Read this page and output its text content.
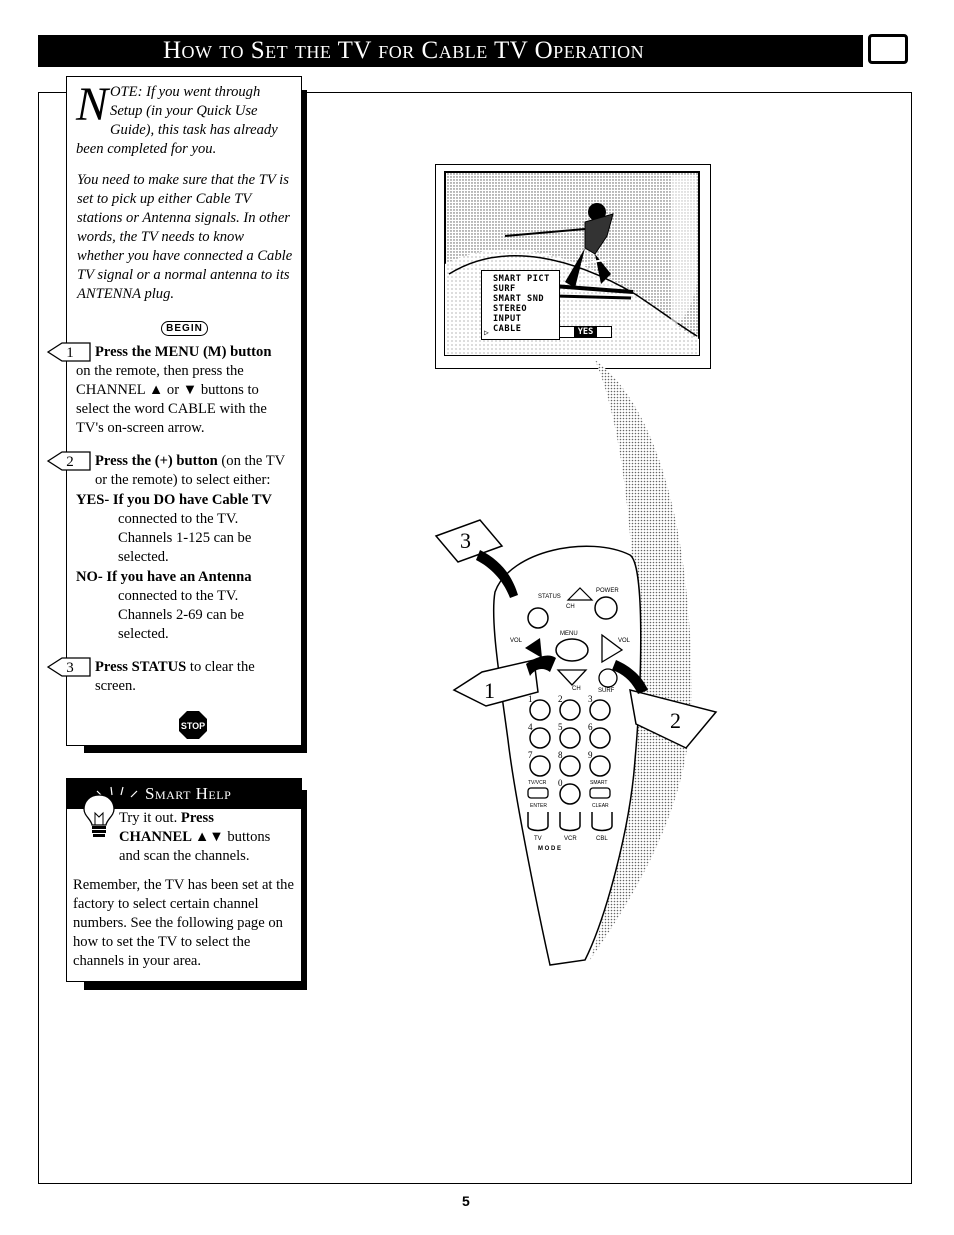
How to Set the TV for Cable TV Operation
NOTE: If you went through Setup (in your Quick Use Guide), this task has already been completed for you.
You need to make sure that the TV is set to pick up either Cable TV stations or Antenna signals. In other words, the TV needs to know whether you have connected a Cable TV signal or a normal antenna to its ANTENNA plug.
BEGIN
1 Press the MENU (M) button
on the remote, then press the CHANNEL ▲ or ▼ buttons to select the word CABLE with the TV's on-screen arrow.
2 Press the (+) button (on the TV or the remote) to select either:
YES- If you DO have Cable TV
connected to the TV. Channels 1-125 can be selected.
NO- If you have an Antenna
connected to the TV. Channels 2-69 can be selected.
3 Press STATUS to clear the screen.
STOP
Smart Help
Try it out. Press
CHANNEL ▲▼ buttons and scan the channels.
Remember, the TV has been set at the factory to select certain channel numbers. See the following page on how to set the TV to select the channels in your area.
SMART PICT
SURF
SMART SND
STEREO
INPUT
CABLE
▷	YES
STATUS
CH
POWER
VOL
MENU
VOL
CH	SURF
1	2	3
4	5	6
7	8	9
0
TV/VCR	SMART
ENTER	CLEAR
TV	VCR	CBL
M O D E
3
1
2
5
